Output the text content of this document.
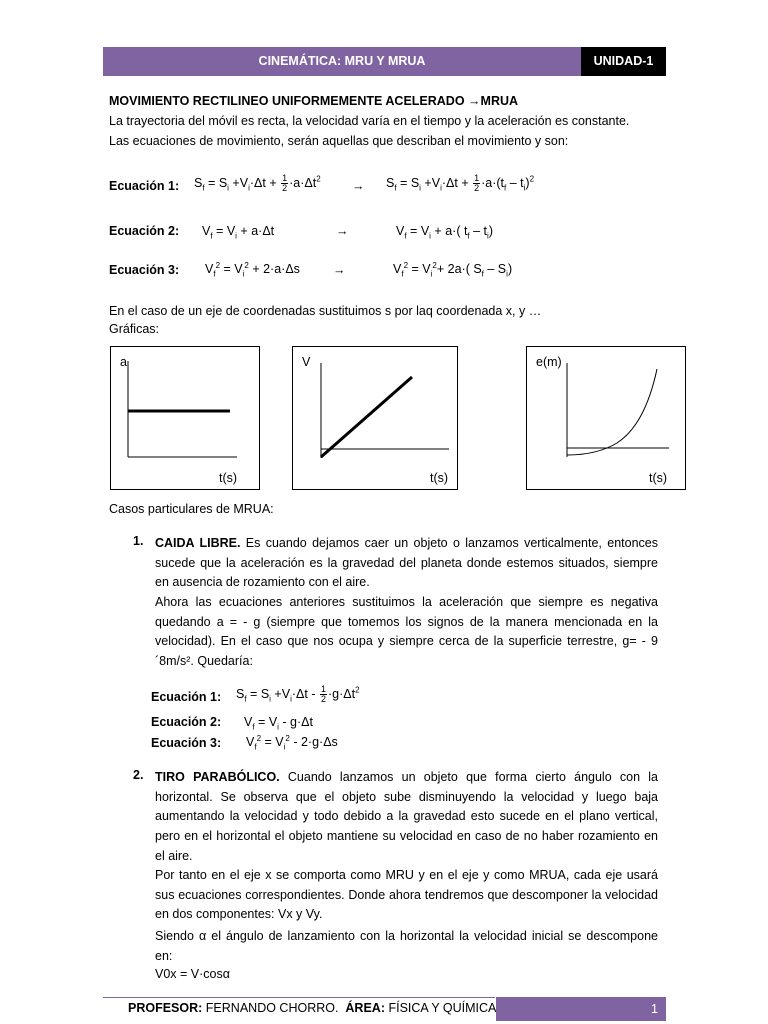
CINEMÁTICA: MRU Y MRUA	UNIDAD-1
MOVIMIENTO RECTILINEO UNIFORMEMENTE ACELERADO →MRUA
La trayectoria del móvil es recta, la velocidad varía en el tiempo y la aceleración es constante.
Las ecuaciones de movimiento, serán aquellas que describan el movimiento y son:
Ecuación 1: $S_f = S_i +V_i\cdot\Delta t + \frac{1}{2} \cdot a\cdot\Delta t^2$	→ $S_f = S_i +V_i\cdot\Delta t + \frac{1}{2} \cdot a\cdot(t_f - t_i)^2$
Ecuación 2: $V_f = V_i + a\cdot\Delta t$	→	$V_f = V_i + a\cdot$( $t_f - t_i$)
Ecuación 3: $V_f^2 = V_i^2 + 2\cdot a\cdot\Delta s$	→	$V_f^2 = V_i^2+ 2a\cdot$( $S_f - S_i$)
En el caso de un eje de coordenadas sustituimos s por laq coordenada x, y …
Gráficas:
a
t(s)
V
t(s)
e(m)
t(s)
Casos particulares de MRUA:
1. CAIDA LIBRE. Es cuando dejamos caer un objeto o lanzamos verticalmente, entonces sucede que la aceleración es la gravedad del planeta donde estemos situados, siempre en ausencia de rozamiento con el aire.
Ahora las ecuaciones anteriores sustituimos la aceleración que siempre es negativa quedando a = - g (siempre que tomemos los signos de la manera mencionada en la velocidad). En el caso que nos ocupa y siempre cerca de la superficie terrestre, g= - 9´8m/s². Quedaría:
Ecuación 1: $S_f = S_i +V_i\cdot\Delta t - \frac{1}{2} \cdot g\cdot\Delta t^2$
Ecuación 2: $V_f = V_i - g\cdot\Delta t$
Ecuación 3: $V_f^2 = V_i^2 - 2\cdot g\cdot\Delta s$
2. TIRO PARABÓLICO. Cuando lanzamos un objeto que forma cierto ángulo con la horizontal. Se observa que el objeto sube disminuyendo la velocidad y luego baja aumentando la velocidad y todo debido a la gravedad esto sucede en el plano vertical, pero en el horizontal el objeto mantiene su velocidad en caso de no haber rozamiento en el aire.
Por tanto en el eje x se comporta como MRU y en el eje y como MRUA, cada eje usará sus ecuaciones correspondientes. Donde ahora tendremos que descomponer la velocidad en dos componentes: Vx y Vy.
Siendo α el ángulo de lanzamiento con la horizontal la velocidad inicial se descompone en:
V0x = V·cosα
PROFESOR: FERNANDO CHORRO. ÁREA: FÍSICA Y QUÍMICA	1
